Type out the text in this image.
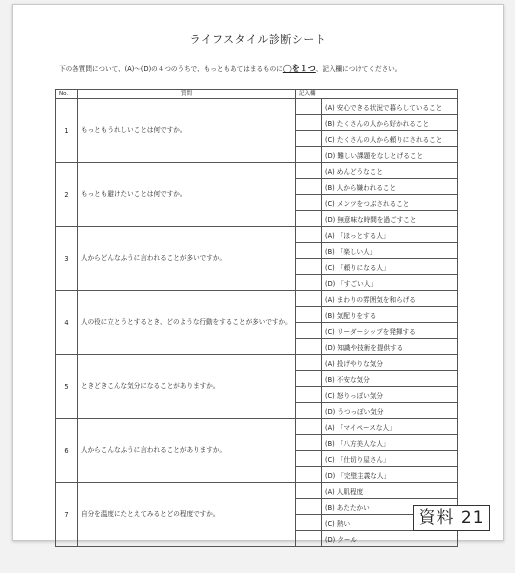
ライフスタイル診断シート
下の各質問について、(A)〜(D)の４つのうちで、もっともあてはまるものに◯を１つ、記入欄につけてください。
No.	質問	記入欄	
1	もっともうれしいことは何ですか。		(A) 安心できる状況で暮らしていること
			(B) たくさんの人から好かれること
			(C) たくさんの人から頼りにされること
			(D) 難しい課題をなしとげること
2	もっとも避けたいことは何ですか。		(A) めんどうなこと
			(B) 人から嫌われること
			(C) メンツをつぶされること
			(D) 無意味な時間を過ごすこと
3	人からどんなふうに言われることが多いですか。		(A) 「ほっとする人」
			(B) 「楽しい人」
			(C) 「頼りになる人」
			(D) 「すごい人」
4	人の役に立とうとするとき、どのような行動をすることが多いですか。		(A) まわりの雰囲気を和らげる
			(B) 気配りをする
			(C) リーダーシップを発揮する
			(D) 知識や技術を提供する
5	ときどきこんな気分になることがありますか。		(A) 投げやりな気分
			(B) 不安な気分
			(C) 怒りっぽい気分
			(D) うつっぽい気分
6	人からこんなふうに言われることがありますか。		(A) 「マイペースな人」
			(B) 「八方美人な人」
			(C) 「仕切り屋さん」
			(D) 「完璧主義な人」
7	自分を温度にたとえてみるとどの程度ですか。		(A) 人肌程度
			(B) あたたかい
			(C) 熱い
			(D) クール
資料 21
